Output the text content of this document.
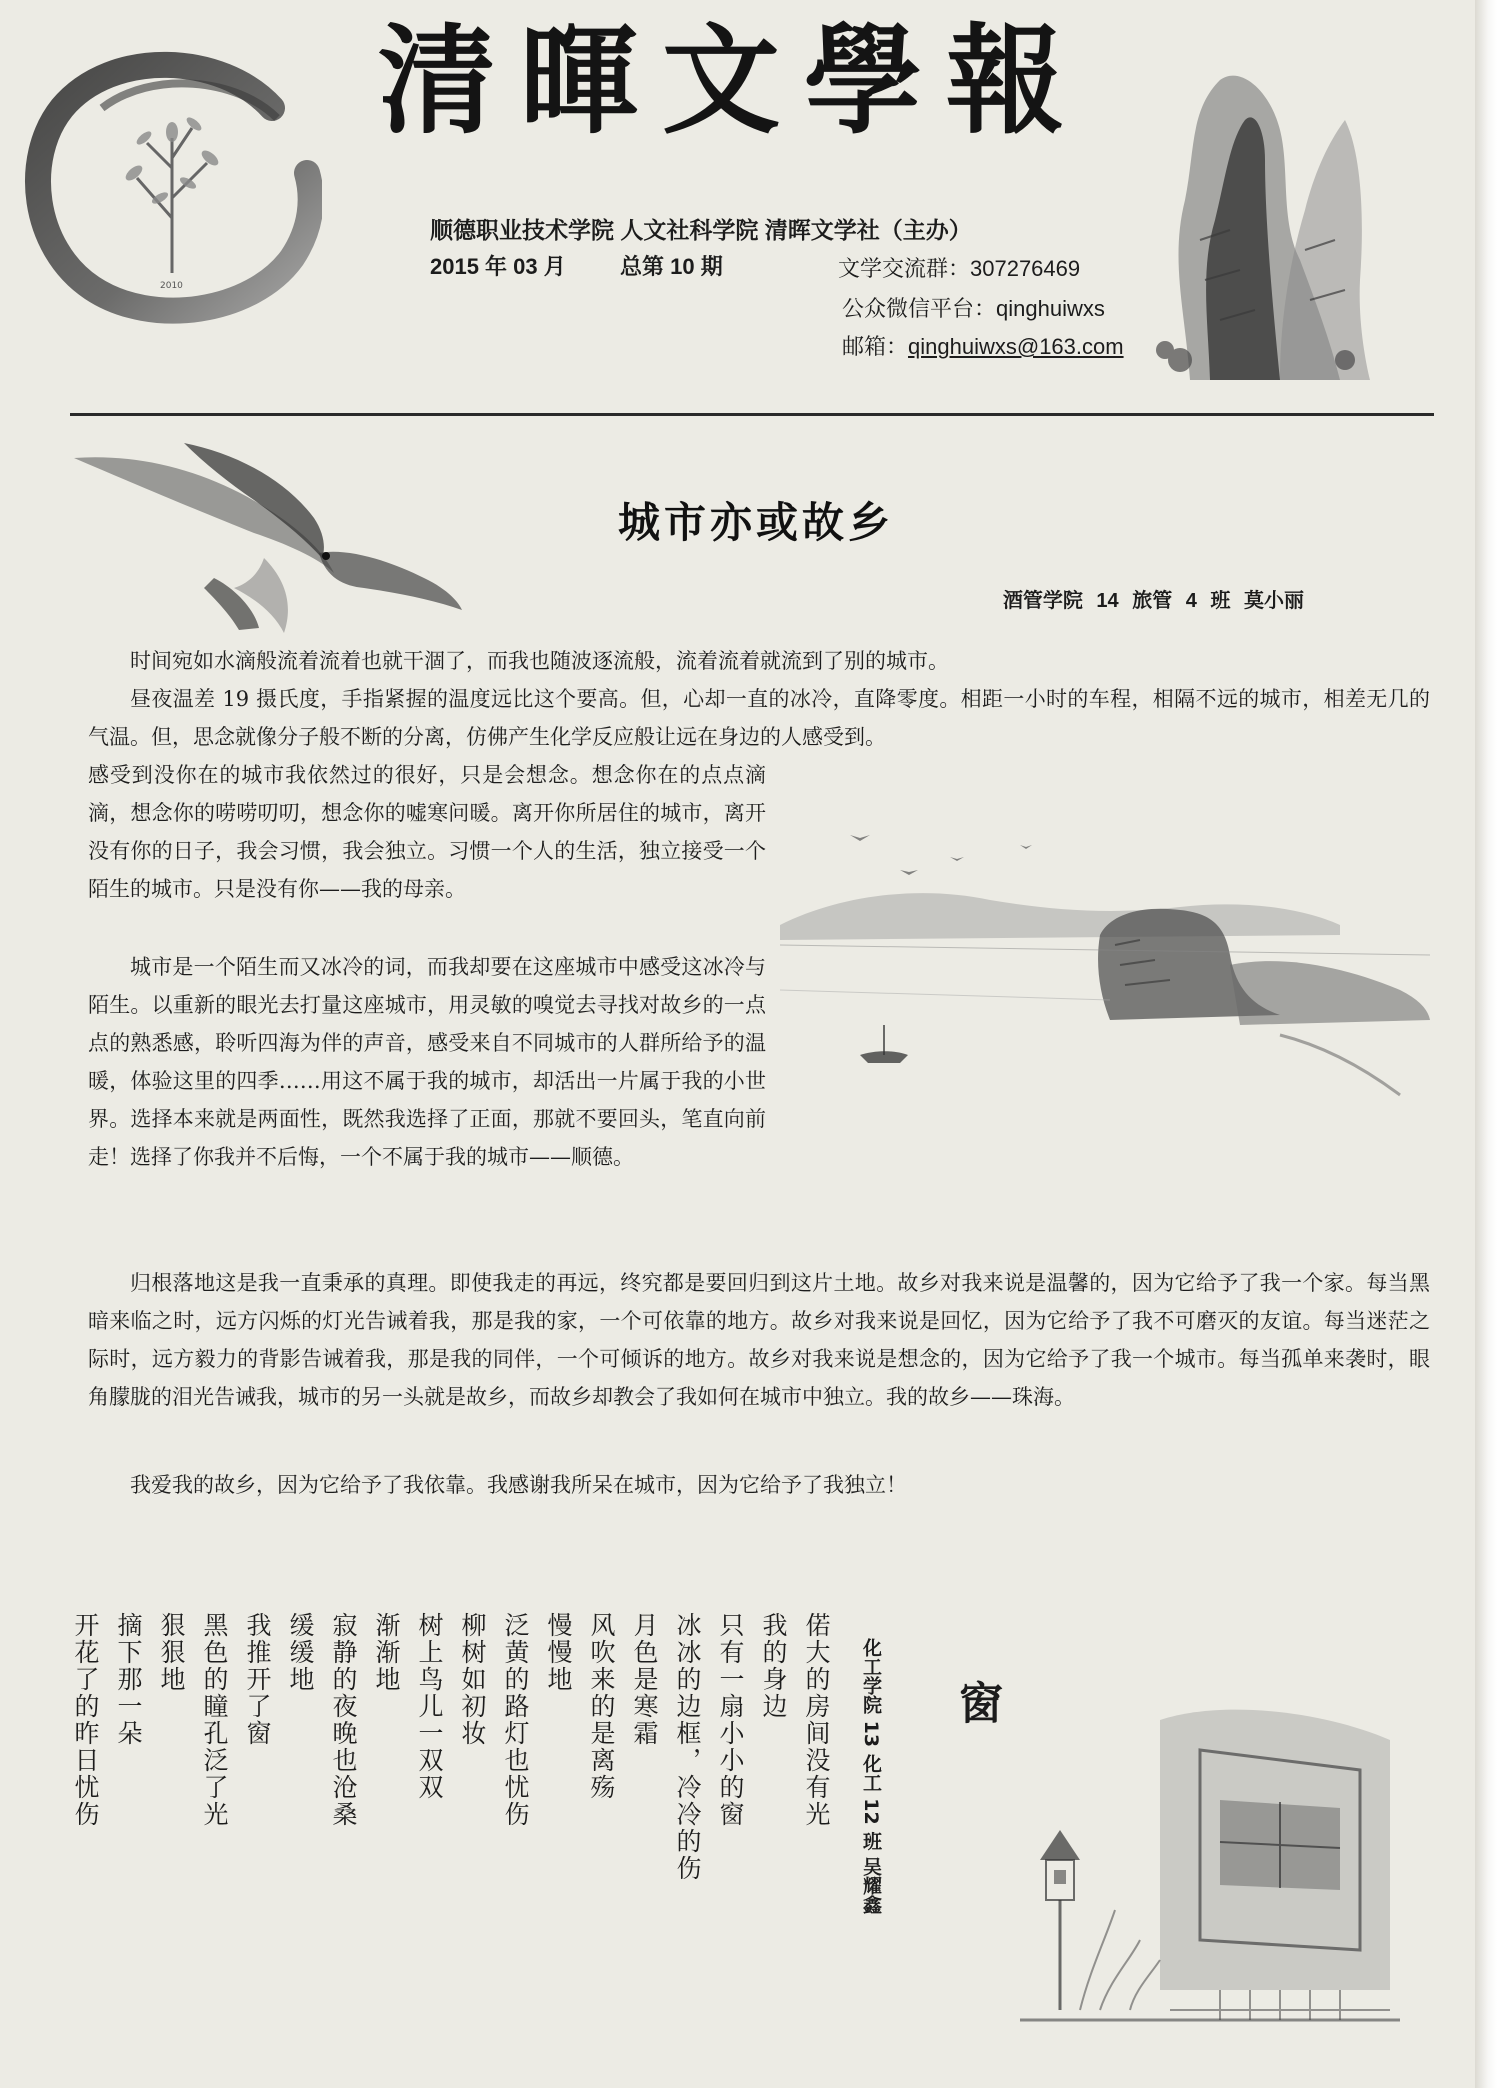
2010
清暉文學報
顺德职业技术学院 人文社科学院 清晖文学社（主办）
2015 年 03 月 总第 10 期	文学交流群：307276469
公众微信平台：qinghuiwxs
邮箱：qinghuiwxs@163.com
城市亦或故乡
酒管学院 14 旅管 4 班 莫小丽

时间宛如水滴般流着流着也就干涸了，而我也随波逐流般，流着流着就流到了别的城市。

昼夜温差 19 摄氏度，手指紧握的温度远比这个要高。但，心却一直的冰冷，直降零度。相距一小时的车程，相隔不远的城市，相差无几的气温。但，思念就像分子般不断的分离，仿佛产生化学反应般让远在身边的人感受到。

感受到没你在的城市我依然过的很好，只是会想念。想念你在的点点滴滴，想念你的唠唠叨叨，想念你的嘘寒问暖。离开你所居住的城市，离开没有你的日子，我会习惯，我会独立。习惯一个人的生活，独立接受一个陌生的城市。只是没有你——我的母亲。

城市是一个陌生而又冰冷的词，而我却要在这座城市中感受这冰冷与陌生。以重新的眼光去打量这座城市，用灵敏的嗅觉去寻找对故乡的一点点的熟悉感，聆听四海为伴的声音，感受来自不同城市的人群所给予的温暖，体验这里的四季……用这不属于我的城市，却活出一片属于我的小世界。选择本来就是两面性，既然我选择了正面，那就不要回头，笔直向前走！选择了你我并不后悔，一个不属于我的城市——顺德。

归根落地这是我一直秉承的真理。即使我走的再远，终究都是要回归到这片土地。故乡对我来说是温馨的，因为它给予了我一个家。每当黑暗来临之时，远方闪烁的灯光告诫着我，那是我的家，一个可依靠的地方。故乡对我来说是回忆，因为它给予了我不可磨灭的友谊。每当迷茫之际时，远方毅力的背影告诫着我，那是我的同伴，一个可倾诉的地方。故乡对我来说是想念的，因为它给予了我一个城市。每当孤单来袭时，眼角朦胧的泪光告诫我，城市的另一头就是故乡，而故乡却教会了我如何在城市中独立。我的故乡——珠海。

我爱我的故乡，因为它给予了我依靠。我感谢我所呆在城市，因为它给予了我独立！

窗
化工学院 13 化工 12 班 吴耀鑫
偌大的房间没有光
我的身边
只有一扇小小的窗
冰冰的边框，冷冷的伤
月色是寒霜
风吹来的是离殇
慢慢地
泛黄的路灯也忧伤
柳树如初妆
树上鸟儿一双双
渐渐地
寂静的夜晚也沧桑
缓缓地
我推开了窗
黑色的瞳孔泛了光
狠狠地
摘下那一朵
开花了的昨日忧伤
